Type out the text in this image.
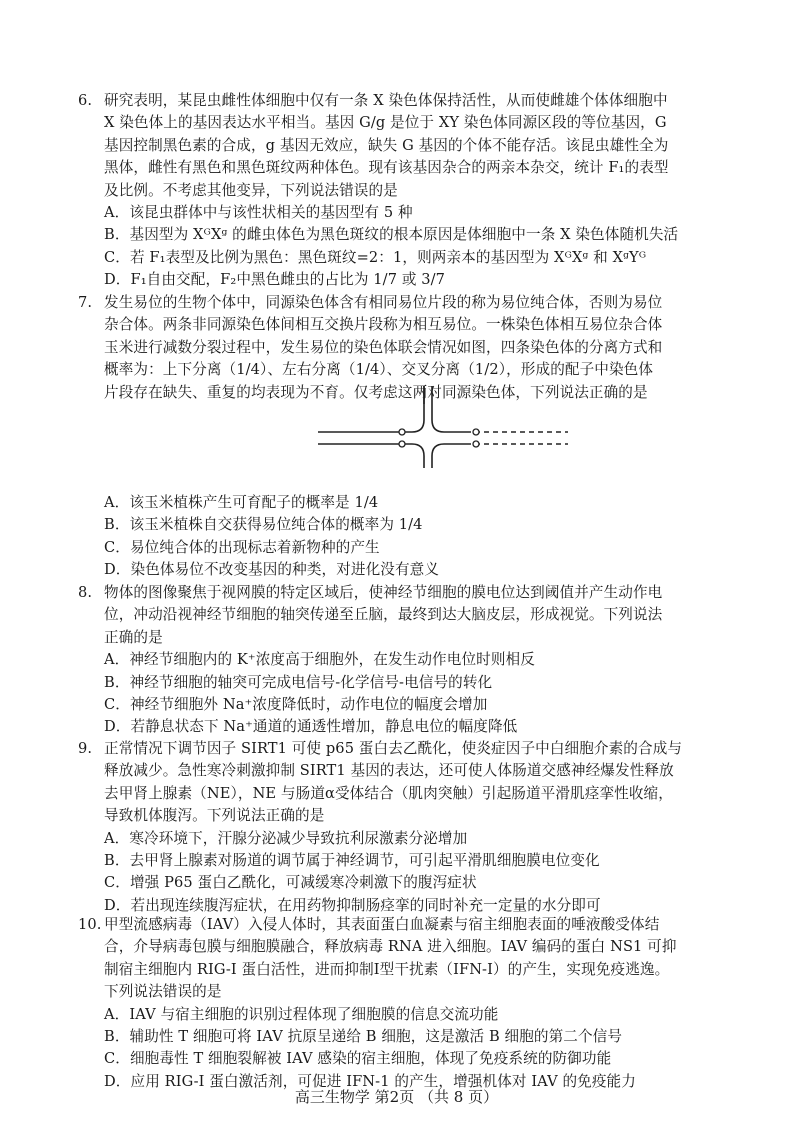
6. 研究表明，某昆虫雌性体细胞中仅有一条 X 染色体保持活性，从而使雌雄个体体细胞中
X 染色体上的基因表达水平相当。基因 G/g 是位于 XY 染色体同源区段的等位基因，G
基因控制黑色素的合成，g 基因无效应，缺失 G 基因的个体不能存活。该昆虫雄性全为
黑体，雌性有黑色和黑色斑纹两种体色。现有该基因杂合的两亲本杂交，统计 F₁的表型
及比例。不考虑其他变异，下列说法错误的是
A．该昆虫群体中与该性状相关的基因型有 5 种
B．基因型为 XᴳXᵍ 的雌虫体色为黑色斑纹的根本原因是体细胞中一条 X 染色体随机失活
C．若 F₁表型及比例为黑色：黑色斑纹=2：1，则两亲本的基因型为 XᴳXᵍ 和 XᵍYᴳ
D．F₁自由交配，F₂中黑色雌虫的占比为 1/7 或 3/7
7. 发生易位的生物个体中，同源染色体含有相同易位片段的称为易位纯合体，否则为易位
杂合体。两条非同源染色体间相互交换片段称为相互易位。一株染色体相互易位杂合体
玉米进行减数分裂过程中，发生易位的染色体联会情况如图，四条染色体的分离方式和
概率为：上下分离（1/4）、左右分离（1/4）、交叉分离（1/2），形成的配子中染色体
片段存在缺失、重复的均表现为不育。仅考虑这两对同源染色体，下列说法正确的是
A．该玉米植株产生可育配子的概率是 1/4
B．该玉米植株自交获得易位纯合体的概率为 1/4
C．易位纯合体的出现标志着新物种的产生
D．染色体易位不改变基因的种类，对进化没有意义
8. 物体的图像聚焦于视网膜的特定区域后，使神经节细胞的膜电位达到阈值并产生动作电
位，冲动沿视神经节细胞的轴突传递至丘脑，最终到达大脑皮层，形成视觉。下列说法
正确的是
A．神经节细胞内的 K⁺浓度高于细胞外，在发生动作电位时则相反
B．神经节细胞的轴突可完成电信号-化学信号-电信号的转化
C．神经节细胞外 Na⁺浓度降低时，动作电位的幅度会增加
D．若静息状态下 Na⁺通道的通透性增加，静息电位的幅度降低
9. 正常情况下调节因子 SIRT1 可使 p65 蛋白去乙酰化，使炎症因子中白细胞介素的合成与
释放减少。急性寒冷刺激抑制 SIRT1 基因的表达，还可使人体肠道交感神经爆发性释放
去甲肾上腺素（NE），NE 与肠道α受体结合（肌肉突触）引起肠道平滑肌痉挛性收缩，
导致机体腹泻。下列说法正确的是
A．寒冷环境下，汗腺分泌减少导致抗利尿激素分泌增加
B．去甲肾上腺素对肠道的调节属于神经调节，可引起平滑肌细胞膜电位变化
C．增强 P65 蛋白乙酰化，可减缓寒冷刺激下的腹泻症状
D．若出现连续腹泻症状，在用药物抑制肠痉挛的同时补充一定量的水分即可
10. 甲型流感病毒（IAV）入侵人体时，其表面蛋白血凝素与宿主细胞表面的唾液酸受体结
合，介导病毒包膜与细胞膜融合，释放病毒 RNA 进入细胞。IAV 编码的蛋白 NS1 可抑
制宿主细胞内 RIG-I 蛋白活性，进而抑制Ⅰ型干扰素（IFN-I）的产生，实现免疫逃逸。
下列说法错误的是
A．IAV 与宿主细胞的识别过程体现了细胞膜的信息交流功能
B．辅助性 T 细胞可将 IAV 抗原呈递给 B 细胞，这是激活 B 细胞的第二个信号
C．细胞毒性 T 细胞裂解被 IAV 感染的宿主细胞，体现了免疫系统的防御功能
D．应用 RIG-I 蛋白激活剂，可促进 IFN-1 的产生，增强机体对 IAV 的免疫能力
高三生物学 第2页 （共 8 页）
